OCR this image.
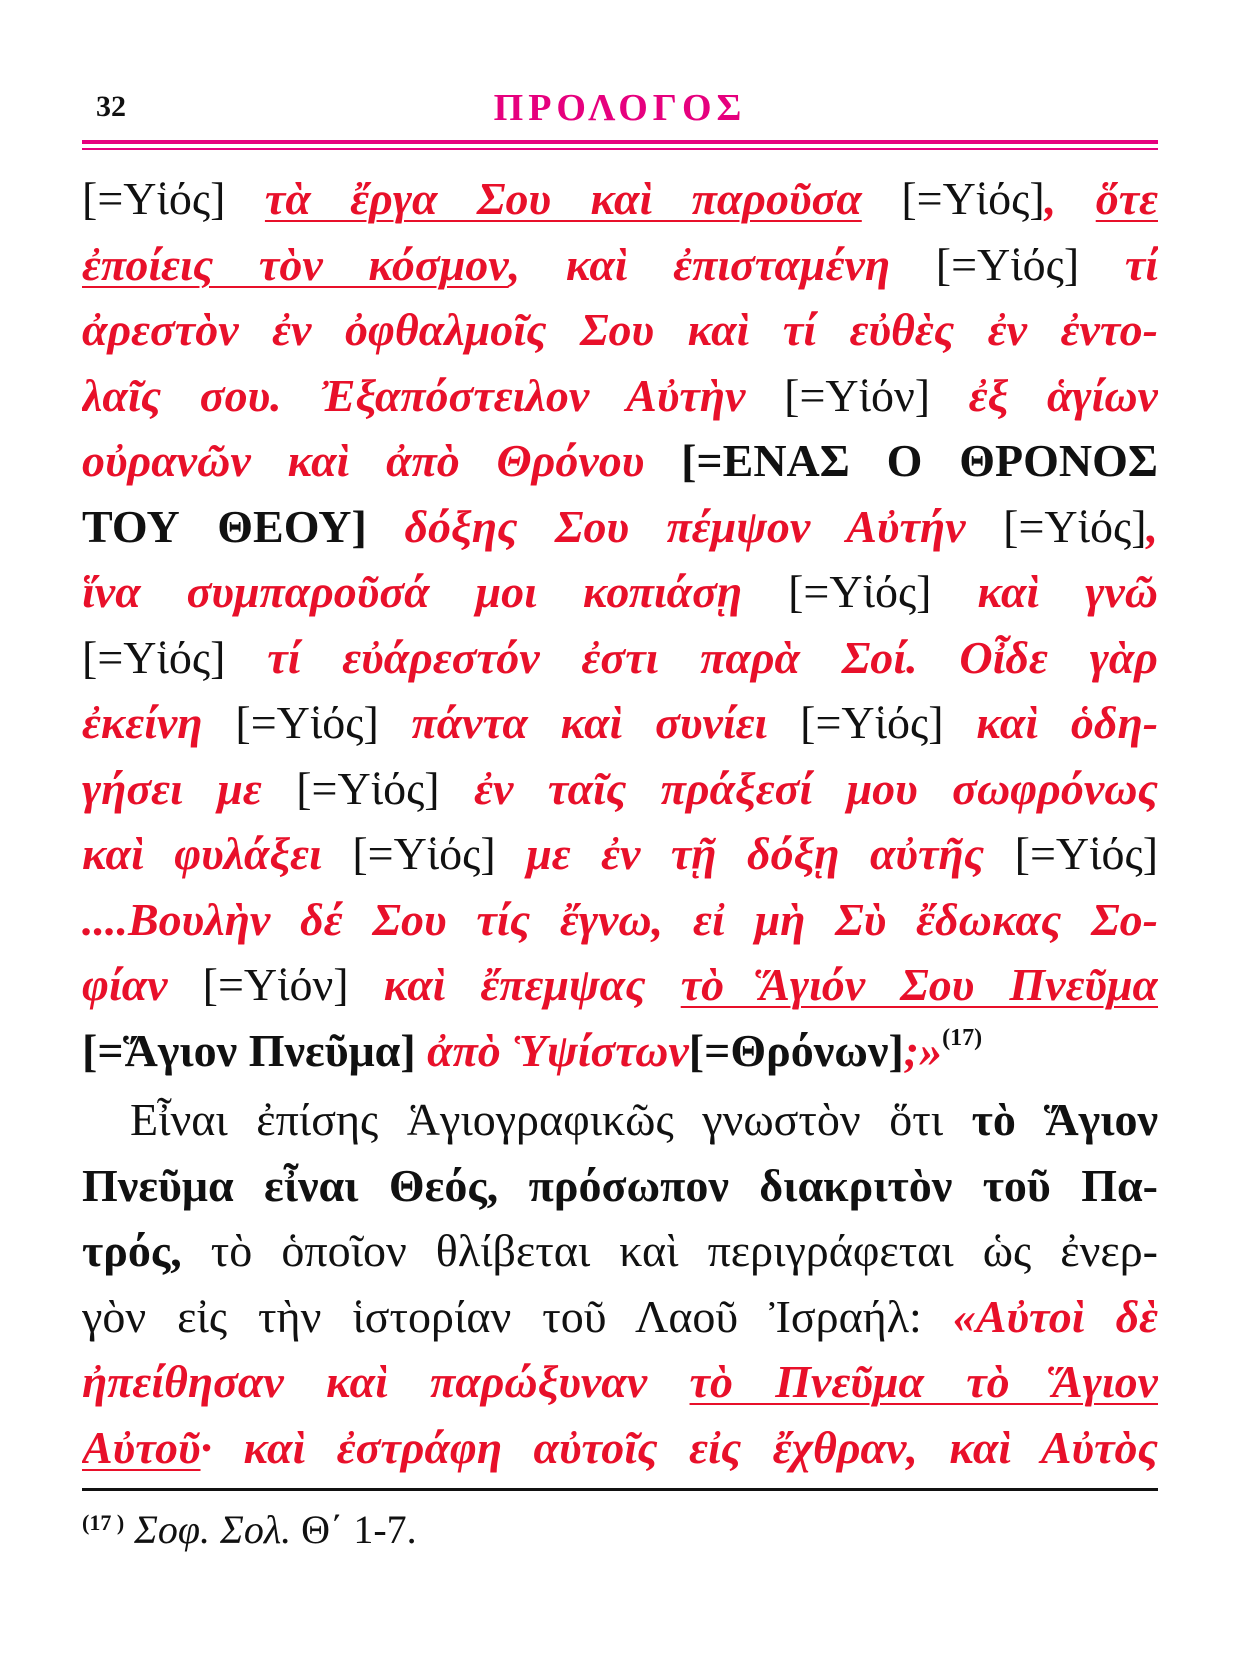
32	ΠΡΟΛΟΓΟΣ
[=Υἱός] τὰ ἔργα Σου καὶ παροῦσα [=Υἱός], ὅτε
ἐποίεις τὸν κόσμον, καὶ ἐπισταμένη [=Υἱός] τί
ἀρεστὸν ἐν ὀφθαλμοῖς Σου καὶ τί εὐθὲς ἐν ἐντο-
λαῖς σου. Ἐξαπόστειλον Αὐτὴν [=Υἱόν] ἐξ ἁγίων
οὐρανῶν καὶ ἀπὸ Θρόνου [=ΕΝΑΣ Ο ΘΡΟΝΟΣ
ΤΟΥ ΘΕΟΥ] δόξης Σου πέμψον Αὐτήν [=Υἱός],
ἵνα συμπαροῦσά μοι κοπιάσῃ [=Υἱός] καὶ γνῶ
[=Υἱός] τί εὐάρεστόν ἐστι παρὰ Σοί. Οἶδε γὰρ
ἐκείνη [=Υἱός] πάντα καὶ συνίει [=Υἱός] καὶ ὁδη-
γήσει με [=Υἱός] ἐν ταῖς πράξεσί μου σωφρόνως
καὶ φυλάξει [=Υἱός] με ἐν τῇ δόξῃ αὐτῆς [=Υἱός]
....Βουλὴν δέ Σου τίς ἔγνω, εἰ μὴ Σὺ ἔδωκας Σο-
φίαν [=Υἱόν] καὶ ἔπεμψας τὸ Ἅγιόν Σου Πνεῦμα
[=Ἅγιον Πνεῦμα] ἀπὸ Ὑψίστων[=Θρόνων];»$^{(17)}$
Εἶναι ἐπίσης Ἁγιογραφικῶς γνωστὸν ὅτι τὸ Ἅγιον
Πνεῦμα εἶναι Θεός, πρόσωπον διακριτὸν τοῦ Πα-
τρός, τὸ ὁποῖον θλίβεται καὶ περιγράφεται ὡς ἐνερ-
γὸν εἰς τὴν ἱστορίαν τοῦ Λαοῦ Ἰσραήλ: «Αὐτοὶ δὲ
ἠπείθησαν καὶ παρώξυναν τὸ Πνεῦμα τὸ Ἅγιον
Αὐτοῦ· καὶ ἐστράφη αὐτοῖς εἰς ἔχθραν, καὶ Αὐτὸς
$^{(17 )}$ Σοφ. Σολ. Θ΄ 1-7.
